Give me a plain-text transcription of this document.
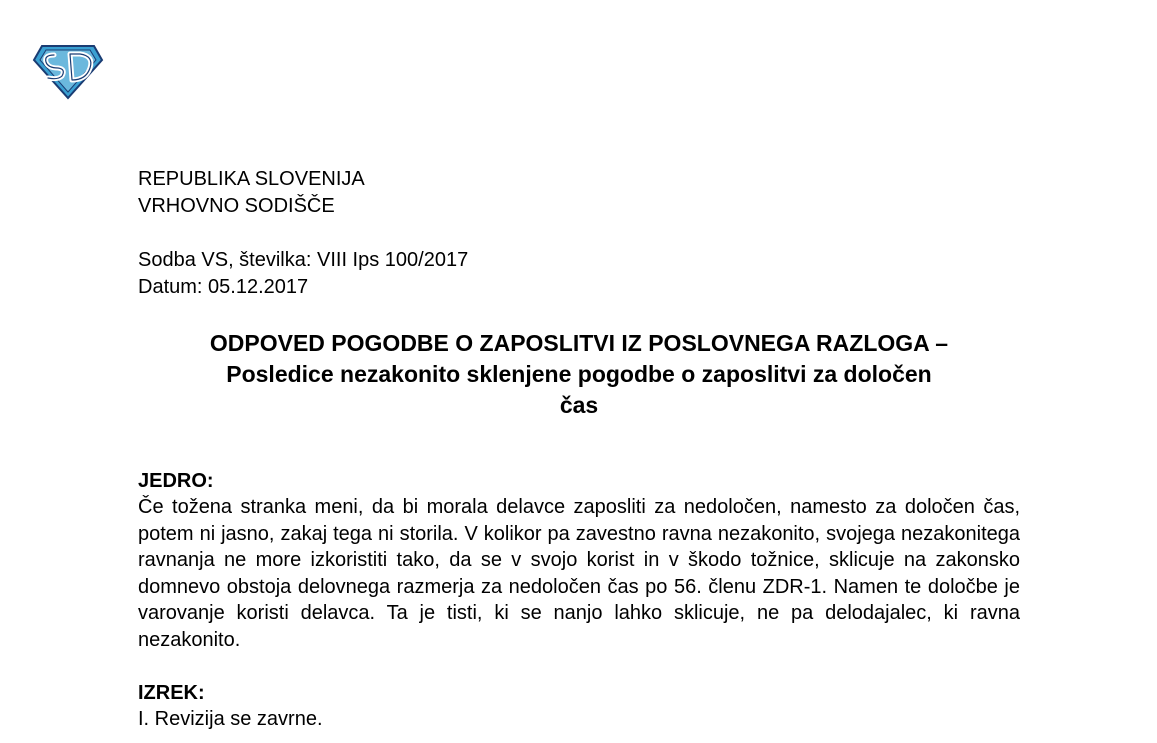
REPUBLIKA SLOVENIJA

VRHOVNO SODIŠČE

Sodba VS, številka: VIII Ips 100/2017

Datum: 05.12.2017

ODPOVED POGODBE O ZAPOSLITVI IZ POSLOVNEGA RAZLOGA –
Posledice nezakonito sklenjene pogodbe o zaposlitvi za določen
čas

JEDRO:

Če tožena stranka meni, da bi morala delavce zaposliti za nedoločen, namesto za določen čas, potem ni jasno, zakaj tega ni storila. V kolikor pa zavestno ravna nezakonito, svojega nezakonitega ravnanja ne more izkoristiti tako, da se v svojo korist in v škodo tožnice, sklicuje na zakonsko domnevo obstoja delovnega razmerja za nedoločen čas po 56. členu ZDR-1. Namen te določbe je varovanje koristi delavca. Ta je tisti, ki se nanjo lahko sklicuje, ne pa delodajalec, ki ravna nezakonito.

IZREK:

I. Revizija se zavrne.
